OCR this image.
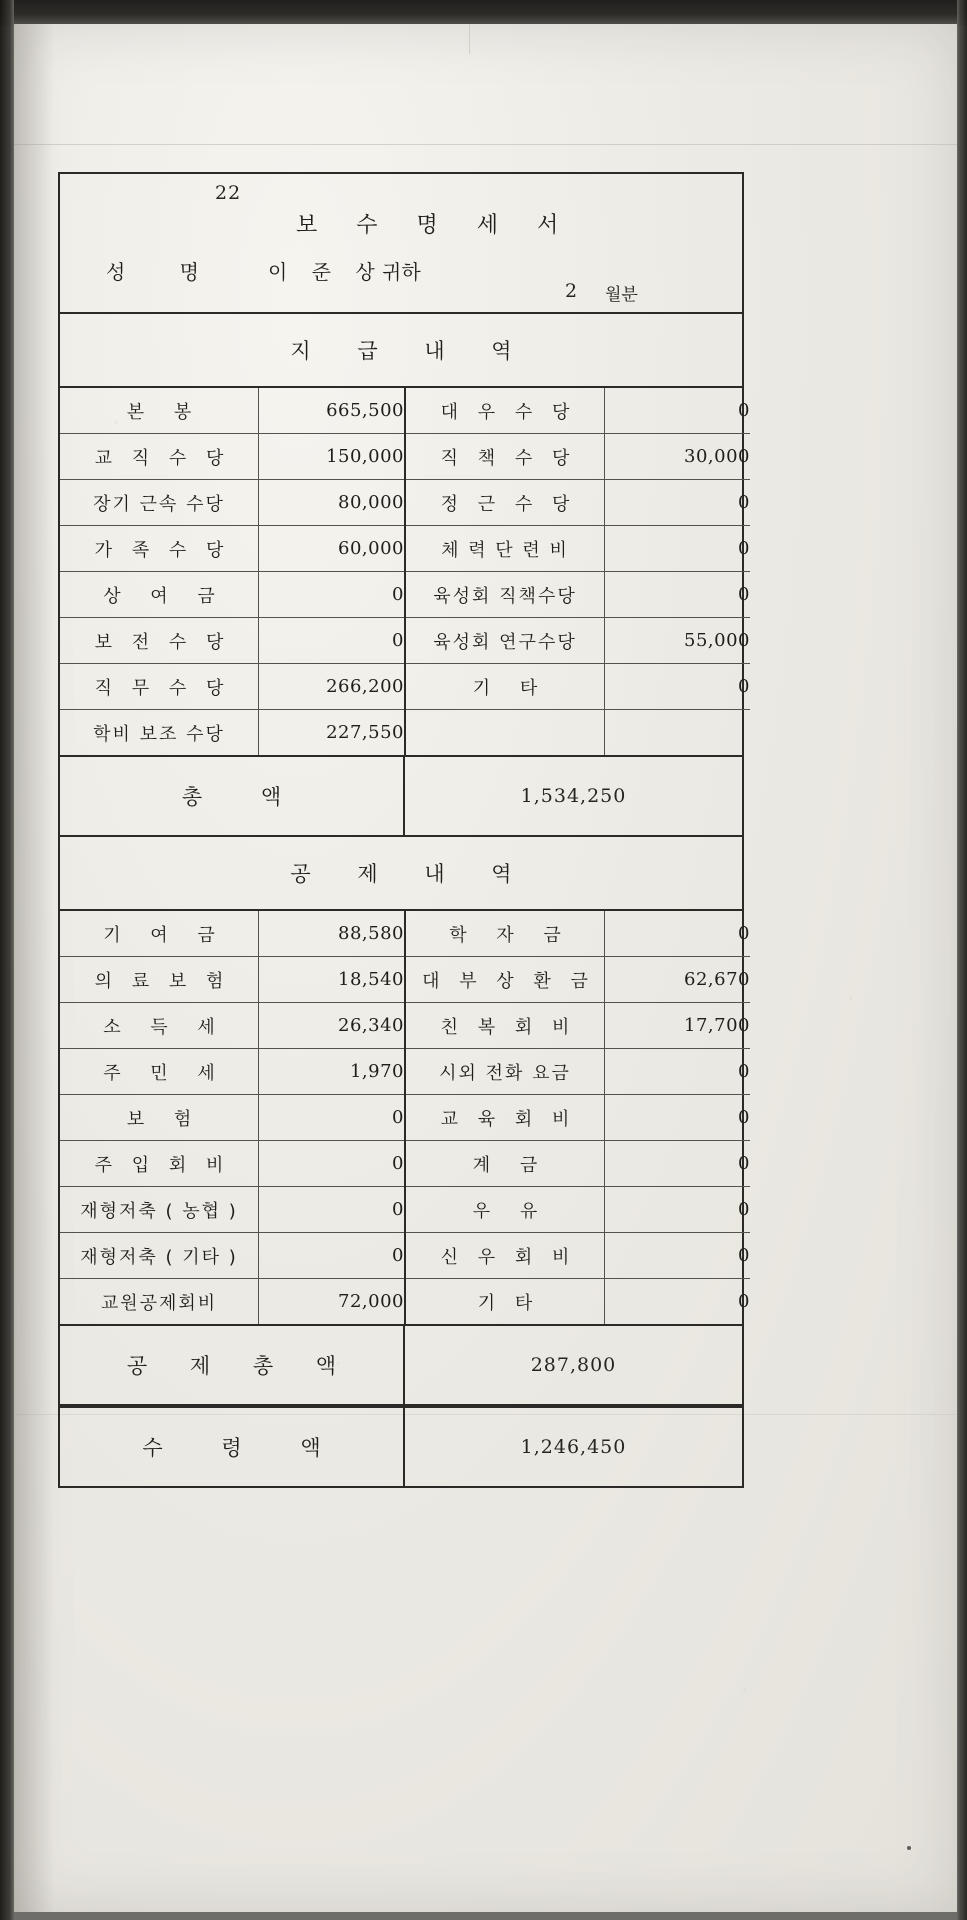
22
보 수 명 세 서
성 명 이 준 상
귀하
2 월분
지 급 내 역
본 봉	665,500	대 우 수 당	0
교 직 수 당	150,000	직 책 수 당	30,000
장기 근속 수당	80,000	정 근 수 당	0
가 족 수 당	60,000	체 력 단 련 비	0
상 여 금	0	육성회 직책수당	0
보 전 수 당	0	육성회 연구수당	55,000
직 무 수 당	266,200	기 타	0
학비 보조 수당	227,550		
총 액	1,534,250
공 제 내 역
기 여 금	88,580	학 자 금	0
의 료 보 험	18,540	대 부 상 환 금	62,670
소 득 세	26,340	친 복 회 비	17,700
주 민 세	1,970	시외 전화 요금	0
보 험	0	교 육 회 비	0
주 입 회 비	0	계 금	0
재형저축 ( 농협 )	0	우 유	0
재형저축 ( 기타 )	0	신 우 회 비	0
교원공제회비	72,000	기 타	0
공 제 총 액	287,800
수 령 액	1,246,450
